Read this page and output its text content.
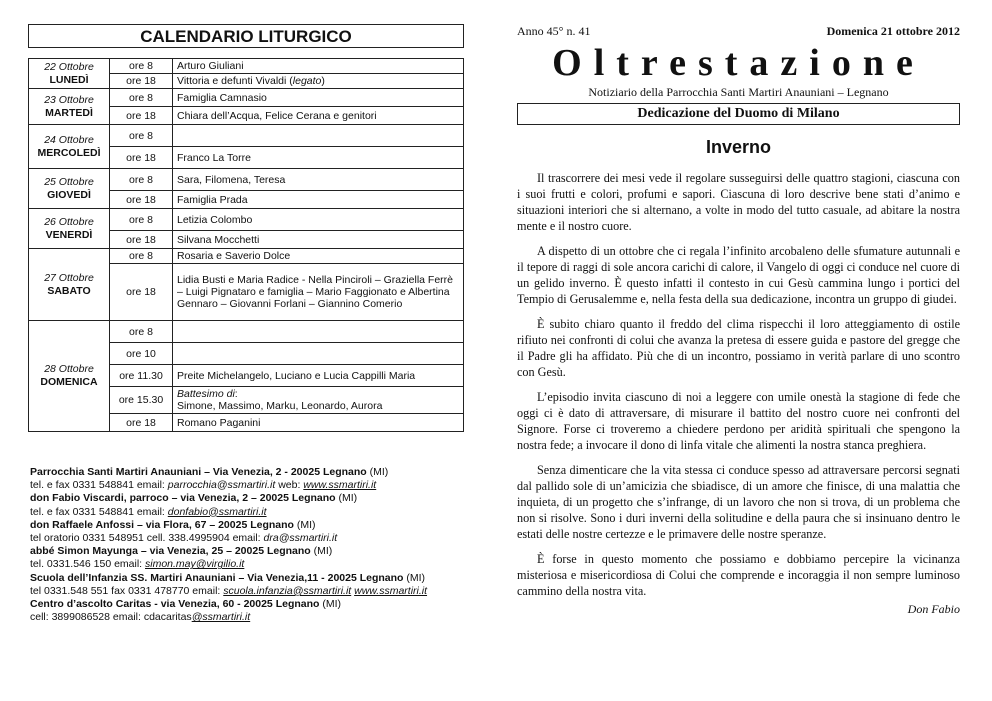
CALENDARIO LITURGICO
22 Ottobre
LUNEDÌ	ore 8	Arturo Giuliani
	ore 18	Vittoria e defunti Vivaldi (legato)
23 Ottobre
MARTEDÌ	ore 8	Famiglia Camnasio
	ore 18	Chiara dell’Acqua, Felice Cerana e genitori
24 Ottobre
MERCOLEDÌ	ore 8	
	ore 18	Franco La Torre
25 Ottobre
GIOVEDÌ	ore 8	Sara, Filomena, Teresa
	ore 18	Famiglia Prada
26 Ottobre
VENERDÌ	ore 8	Letizia Colombo
	ore 18	Silvana Mocchetti
27 Ottobre
SABATO	ore 8	Rosaria e Saverio Dolce
	ore 18	Lidia Busti e Maria Radice - Nella Pinciroli – Graziella Ferrè – Luigi Pignataro e famiglia – Mario Faggionato e Albertina Gennaro – Giovanni Forlani – Giannino Comerio
28 Ottobre
DOMENICA	ore 8	
	ore 10	
	ore 11.30	Preite Michelangelo, Luciano e Lucia Cappilli Maria
	ore 15.30	Battesimo di:
Simone, Massimo, Marku, Leonardo, Aurora
	ore 18	Romano Paganini
Parrocchia Santi Martiri Anauniani – Via Venezia, 2 - 20025 Legnano (MI)
tel. e fax 0331 548841 email: parrocchia@ssmartiri.it web: www.ssmartiri.it
don Fabio Viscardi, parroco – via Venezia, 2 – 20025 Legnano (MI)
tel. e fax 0331 548841 email: donfabio@ssmartiri.it
don Raffaele Anfossi – via Flora, 67 – 20025 Legnano (MI)
tel oratorio 0331 548951 cell. 338.4995904 email: dra@ssmartiri.it
abbé Simon Mayunga – via Venezia, 25 – 20025 Legnano (MI)
tel. 0331.546 150 email: simon.may@virgilio.it
Scuola dell’Infanzia SS. Martiri Anauniani – Via Venezia,11 - 20025 Legnano (MI)
tel 0331.548 551 fax 0331 478770 email: scuola.infanzia@ssmartiri.it www.ssmartiri.it
Centro d’ascolto Caritas - via Venezia, 60 - 20025 Legnano (MI)
cell: 3899086528 email: cdacaritas@ssmartiri.it
Anno 45° n. 41	Domenica 21 ottobre 2012
Oltrestazione
Notiziario della Parrocchia Santi Martiri Anauniani – Legnano
Dedicazione del Duomo di Milano
Inverno

Il trascorrere dei mesi vede il regolare susseguirsi delle quattro stagioni, ciascuna con i suoi frutti e colori, profumi e sapori. Ciascuna di loro descrive bene stati d’animo e situazioni interiori che si alternano, a volte in modo del tutto casuale, ad abitare la nostra mente e il nostro cuore.

A dispetto di un ottobre che ci regala l’infinito arcobaleno delle sfumature autunnali e il tepore di raggi di sole ancora carichi di calore, il Vangelo di oggi ci conduce nel cuore di un gelido inverno. È questo infatti il contesto in cui Gesù cammina lungo i portici del Tempio di Gerusalemme e, nella festa della sua dedicazione, incontra un gruppo di giudei.

È subito chiaro quanto il freddo del clima rispecchi il loro atteggiamento di ostile rifiuto nei confronti di colui che avanza la pretesa di essere guida e pastore del gregge che il Padre gli ha affidato. Più che di un incontro, possiamo in verità parlare di uno scontro con Gesù.

L’episodio invita ciascuno di noi a leggere con umile onestà la stagione di fede che oggi ci è dato di attraversare, di misurare il battito del nostro cuore nei confronti del Signore. Forse ci troveremo a chiedere perdono per aridità spirituali che spengono la nostra fede; a invocare il dono di linfa vitale che alimenti la nostra stanca preghiera.

Senza dimenticare che la vita stessa ci conduce spesso ad attraversare percorsi segnati dal pallido sole di un’amicizia che sbiadisce, di un amore che finisce, di una malattia che inquieta, di un progetto che s’infrange, di un lavoro che non si trova, di un problema che non si risolve. Sono i duri inverni della solitudine e della paura che si insinuano dentro le estati delle nostre certezze e le primavere delle nostre speranze.

È forse in questo momento che possiamo e dobbiamo percepire la vicinanza misteriosa e misericordiosa di Colui che comprende e incoraggia il non sempre luminoso cammino della nostra vita.

Don Fabio
